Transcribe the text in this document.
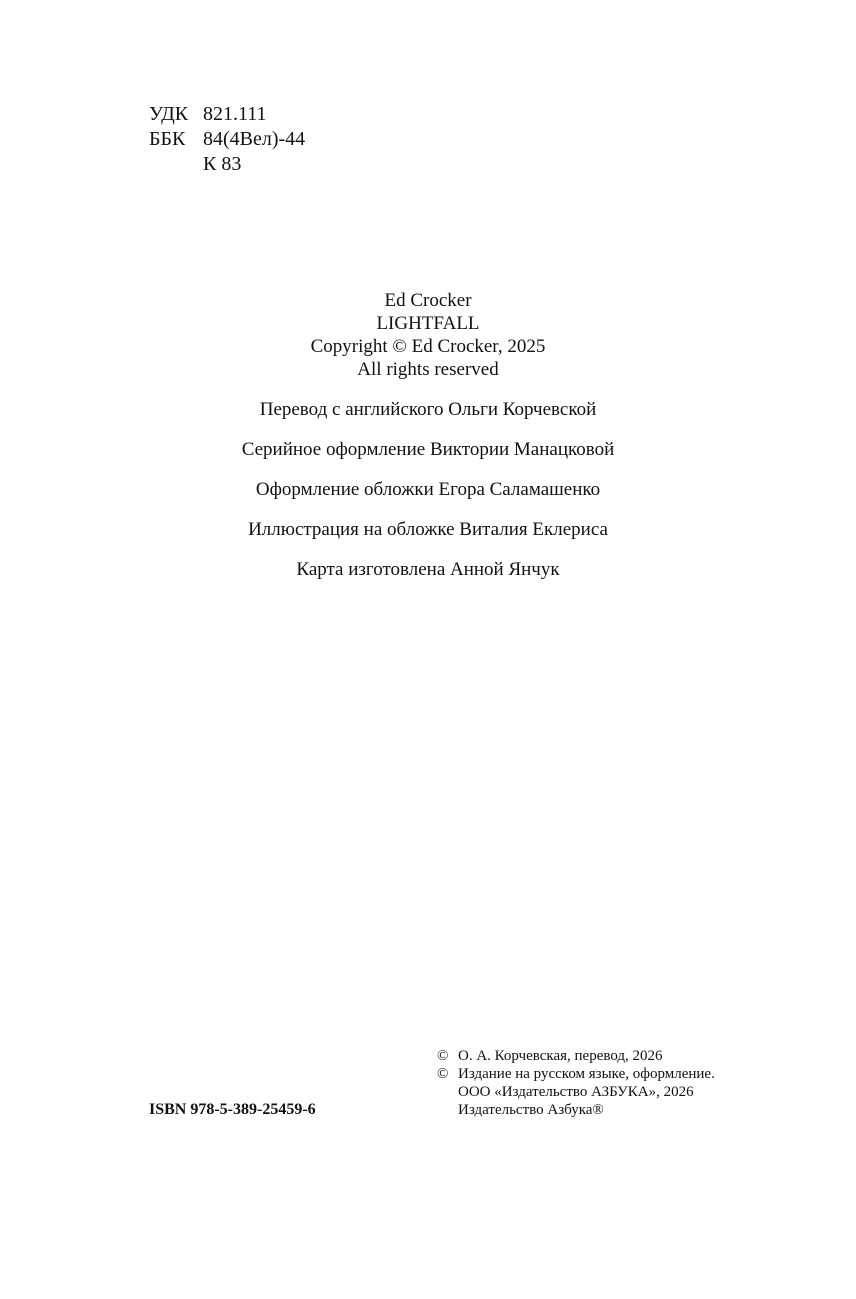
УДК 821.111
ББК 84(4Вел)-44
К 83
Ed Crocker
LIGHTFALL
Copyright © Ed Crocker, 2025
All rights reserved
Перевод с английского Ольги Корчевской
Серийное оформление Виктории Манацковой
Оформление обложки Егора Саламашенко
Иллюстрация на обложке Виталия Еклериса
Карта изготовлена Анной Янчук
ISBN 978-5-389-25459-6
© О. А. Корчевская, перевод, 2026
© Издание на русском языке, оформление.
ООО «Издательство АЗБУКА», 2026
Издательство Азбука®
